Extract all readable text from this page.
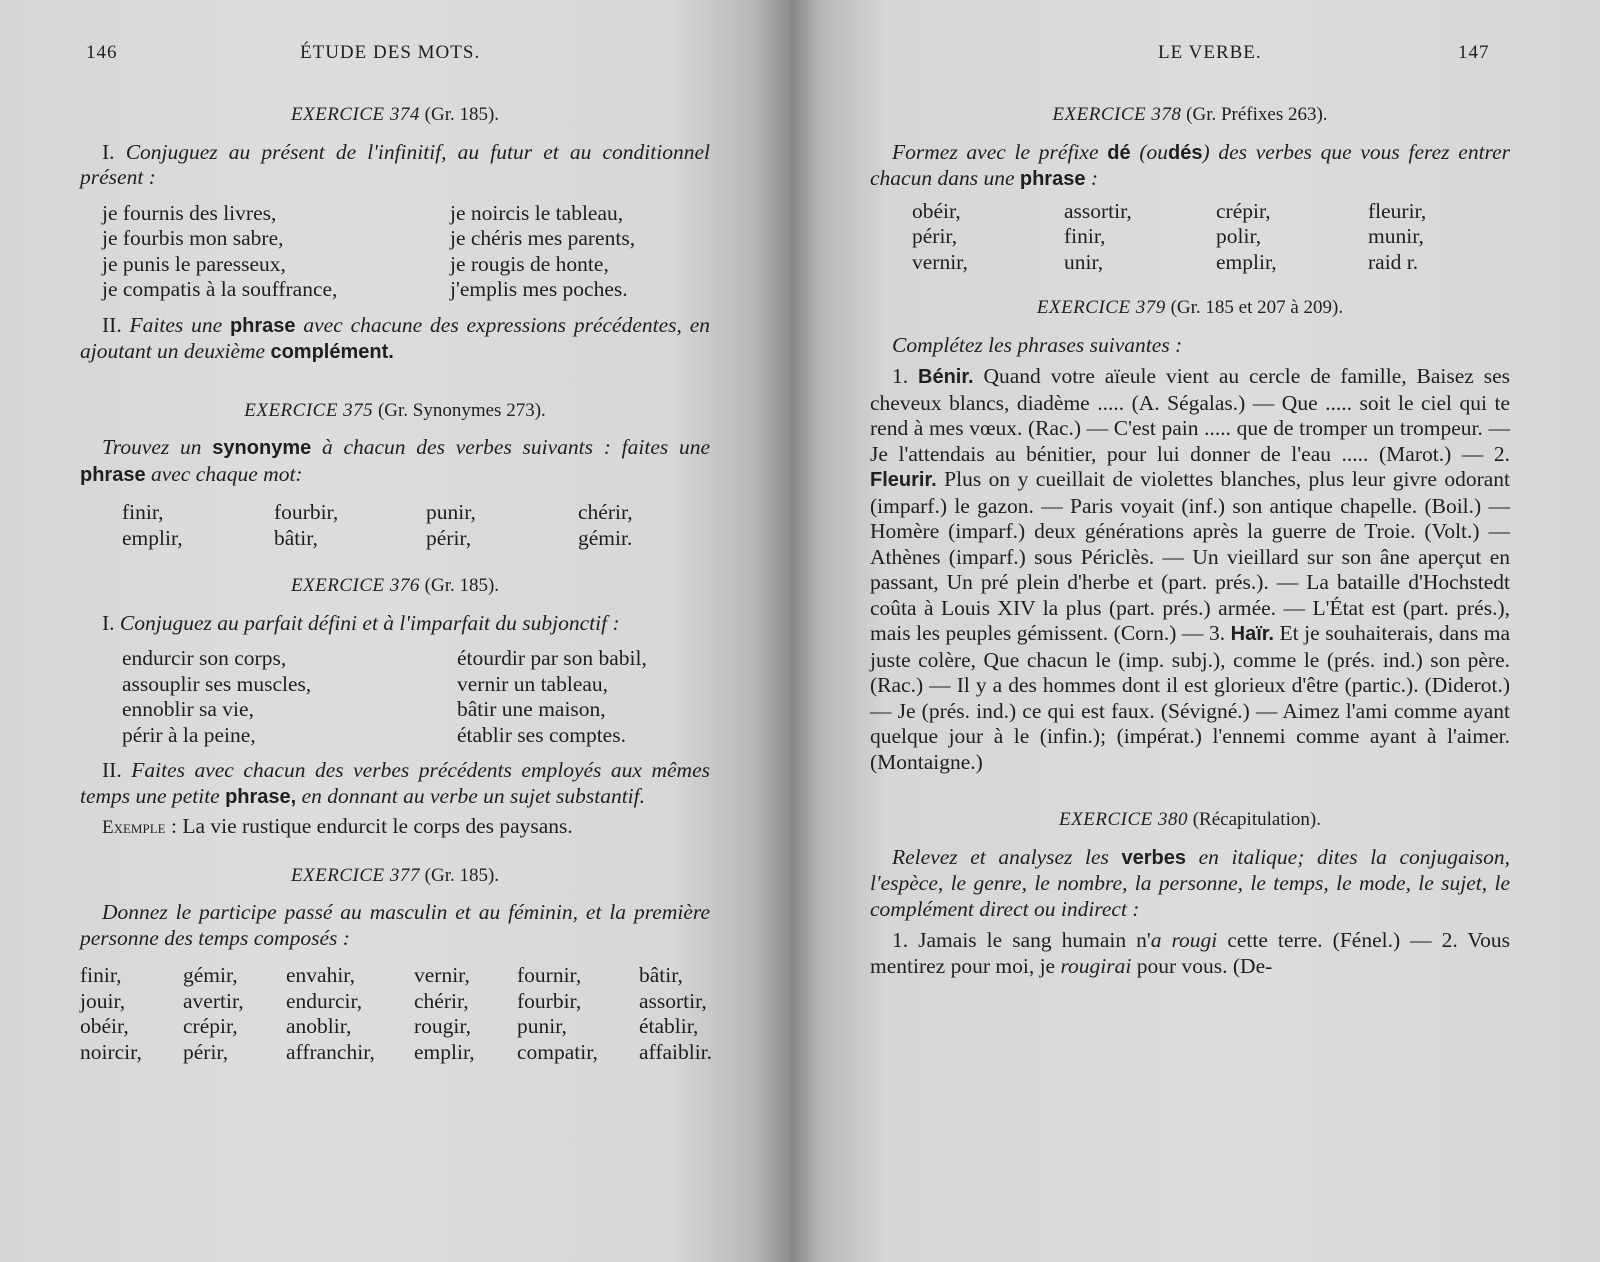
146	ÉTUDE DES MOTS.
EXERCICE 374 (Gr. 185).

I. Conjuguez au présent de l'infinitif, au futur et au conditionnel présent :

je fournis des livres,	je noircis le tableau,
je fourbis mon sabre,	je chéris mes parents,
je punis le paresseux,	je rougis de honte,
je compatis à la souffrance,	j'emplis mes poches.

II. Faites une phrase avec chacune des expressions précédentes, en ajoutant un deuxième complément.

EXERCICE 375 (Gr. Synonymes 273).

Trouvez un synonyme à chacun des verbes suivants : faites une phrase avec chaque mot:

finir,	fourbir,	punir,	chérir,
emplir,	bâtir,	périr,	gémir.
EXERCICE 376 (Gr. 185).

I. Conjuguez au parfait défini et à l'imparfait du subjonctif :

endurcir son corps,	étourdir par son babil,
assouplir ses muscles,	vernir un tableau,
ennoblir sa vie,	bâtir une maison,
périr à la peine,	établir ses comptes.

II. Faites avec chacun des verbes précédents employés aux mêmes temps une petite phrase, en donnant au verbe un sujet substantif.

Exemple : La vie rustique endurcit le corps des paysans.

EXERCICE 377 (Gr. 185).

Donnez le participe passé au masculin et au féminin, et la première personne des temps composés :

finir,	gémir,	envahir,	vernir,	fournir,	bâtir,
jouir,	avertir,	endurcir,	chérir,	fourbir,	assortir,
obéir,	crépir,	anoblir,	rougir,	punir,	établir,
noircir,	périr,	affranchir,	emplir,	compatir,	affaiblir.
LE VERBE.	147
EXERCICE 378 (Gr. Préfixes 263).

Formez avec le préfixe dé (oudés) des verbes que vous ferez entrer chacun dans une phrase :

obéir,	assortir,	crépir,	fleurir,
périr,	finir,	polir,	munir,
vernir,	unir,	emplir,	raid r.
EXERCICE 379 (Gr. 185 et 207 à 209).

Complétez les phrases suivantes :

1. Bénir. Quand votre aïeule vient au cercle de famille, Baisez ses cheveux blancs, diadème ..... (A. Ségalas.) — Que ..... soit le ciel qui te rend à mes vœux. (Rac.) — C'est pain ..... que de tromper un trompeur. — Je l'attendais au bénitier, pour lui donner de l'eau ..... (Marot.) — 2. Fleurir. Plus on y cueillait de violettes blanches, plus leur givre odorant (imparf.) le gazon. — Paris voyait (inf.) son antique chapelle. (Boil.) — Homère (imparf.) deux générations après la guerre de Troie. (Volt.) — Athènes (imparf.) sous Périclès. — Un vieillard sur son âne aperçut en passant, Un pré plein d'herbe et (part. prés.). — La bataille d'Hochstedt coûta à Louis XIV la plus (part. prés.) armée. — L'État est (part. prés.), mais les peuples gémissent. (Corn.) — 3. Haïr. Et je souhaiterais, dans ma juste colère, Que chacun le (imp. subj.), comme le (prés. ind.) son père. (Rac.) — Il y a des hommes dont il est glorieux d'être (partic.). (Diderot.) — Je (prés. ind.) ce qui est faux. (Sévigné.) — Aimez l'ami comme ayant quelque jour à le (infin.); (impérat.) l'ennemi comme ayant à l'aimer. (Montaigne.)

EXERCICE 380 (Récapitulation).

Relevez et analysez les verbes en italique; dites la conjugaison, l'espèce, le genre, le nombre, la personne, le temps, le mode, le sujet, le complément direct ou indirect :

1. Jamais le sang humain n'a rougi cette terre. (Fénel.) — 2. Vous mentirez pour moi, je rougirai pour vous. (De-
